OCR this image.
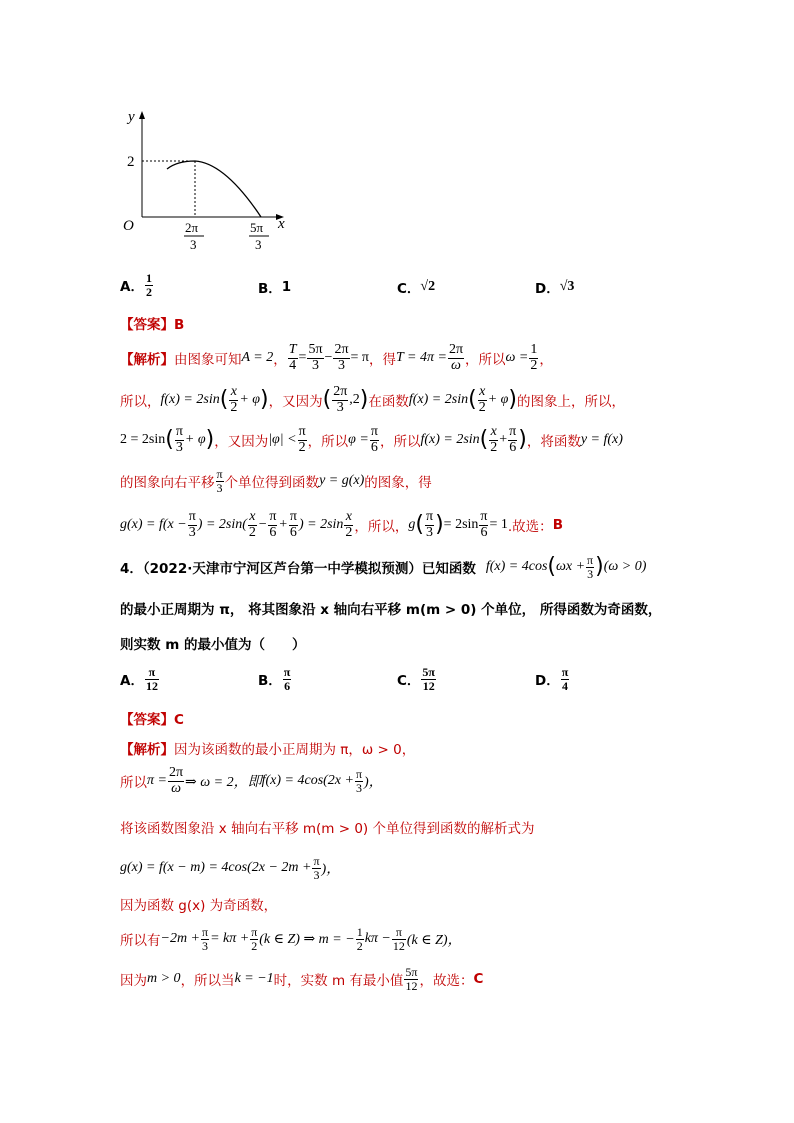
y
x
O
2
2π
3
5π
3
A． $\frac{1}{2}$	B． 1	C． √2	D． √3
【答案】B
【解析】 由图象可知 A = 2 ， $\frac{T}{4} = \frac{5\pi}{3} - \frac{2\pi}{3} = \pi$ ，得 $T = 4\pi = \frac{2\pi}{\omega}$ ，所以 $\omega = \frac{1}{2}$ ，
所以， f(x) = 2sin ( $\frac{x}{2} + \varphi$ ) ，又因为 ( $\frac{2\pi}{3} ,2$ ) 在函数 f(x) = 2sin ( $\frac{x}{2} + \varphi$ ) 的图象上，所以，
2 = 2sin ( $\frac{\pi}{3} + \varphi$ ) ，又因为 $|\varphi| < \frac{\pi}{2}$ ，所以 $\varphi = \frac{\pi}{6}$ ，所以 f(x) = 2sin ( $\frac{x}{2} + \frac{\pi}{6}$ ) ，将函数 y = f(x)
的图象向右平移 $\frac{\pi}{3}$ 个单位得到函数 y = g(x) 的图象，得
$g(x) = f(x - \frac{\pi}{3}$ ) = $2\sin( \frac{x}{2} - \frac{\pi}{6} + \frac{\pi}{6}$ ) = $2\sin \frac{x}{2}$ ，所以， g ( $\frac{\pi}{3}$ ) = $2\sin \frac{\pi}{6} = 1$ .故选： B
4．（2022·天津市宁河区芦台第一中学模拟预测）已知函数 f(x) = 4cos ( $\omega x + \frac{\pi}{3}$ ) (ω > 0)
的最小正周期为 π， 将其图象沿 x 轴向右平移 m(m > 0) 个单位， 所得函数为奇函数，
则实数 m 的最小值为（　　）
A． $\frac{\pi}{12}$	B． $\frac{\pi}{6}$	C． $\frac{5\pi}{12}$	D． $\frac{\pi}{4}$
【答案】C
【解析】因为该函数的最小正周期为 π，ω > 0，
所以 $\pi = \frac{2\pi}{\omega}$ ⇒ ω = 2，即 $f(x) = 4\cos(2x + \frac{\pi}{3}$ )，
将该函数图象沿 x 轴向右平移 m(m > 0) 个单位得到函数的解析式为
$g(x) = f(x - m) = 4\cos(2x - 2m + \frac{\pi}{3}$ )，
因为函数 g(x) 为奇函数，
所以有 $-2m + \frac{\pi}{3} = k\pi + \frac{\pi}{2} (k$ ∈ Z) ⇒ m = − $\frac{1}{2}$ $k\pi - \frac{\pi}{12} (k$ ∈ Z)，
因为 m > 0 ，所以当 k = −1 时，实数 m 有最小值 $\frac{5\pi}{12}$ ，故选： C
